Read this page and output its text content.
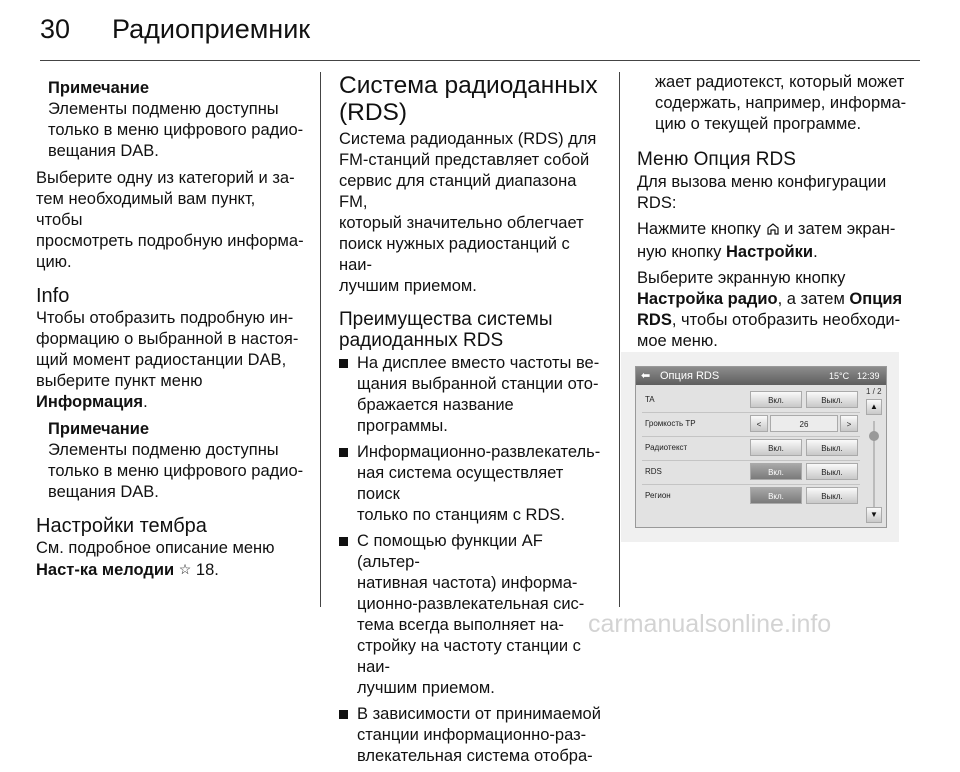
30 Радиоприемник
Примечание
Элементы подменю доступны
только в меню цифрового радио-
вещания DAB.

Выберите одну из категорий и за-
тем необходимый вам пункт, чтобы
просмотреть подробную информа-
цию.

Info

Чтобы отобразить подробную ин-
формацию о выбранной в настоя-
щий момент радиостанции DAB,
выберите пункт меню
Информация.

Примечание
Элементы подменю доступны
только в меню цифрового радио-
вещания DAB.
Настройки тембра

См. подробное описание меню
Наст-ка мелодии ☆ 18.

Система радиоданных
(RDS)

Система радиоданных (RDS) для
FM-станций представляет собой
сервис для станций диапазона FM,
который значительно облегчает
поиск нужных радиостанций с наи-
лучшим приемом.

Преимущества системы
радиоданных RDS
На дисплее вместо частоты ве-
щания выбранной станции ото-
бражается название программы.
Информационно-развлекатель-
ная система осуществляет поиск
только по станциям с RDS.
С помощью функции AF (альтер-
нативная частота) информа-
ционно-развлекательная сис-
тема всегда выполняет на-
стройку на частоту станции с наи-
лучшим приемом.
В зависимости от принимаемой
станции информационно-раз-
влекательная система отобра-

жает радиотекст, который может
содержать, например, информа-
цию о текущей программе.

Меню Опция RDS

Для вызова меню конфигурации
RDS:

Нажмите кнопку и затем экран-
ную кнопку Настройки.

Выберите экранную кнопку
Настройка радио, а затем Опция
RDS, чтобы отобразить необходи-
мое меню.

⬅ Опция RDS	15°C 12:39
TA	Вкл.	Выкл.
Громкость TP	<	26	>
Радиотекст	Вкл.	Выкл.
RDS	Вкл.	Выкл.
Регион	Вкл.	Выкл.
1 / 2
▲
▼
carmanualsonline.info
